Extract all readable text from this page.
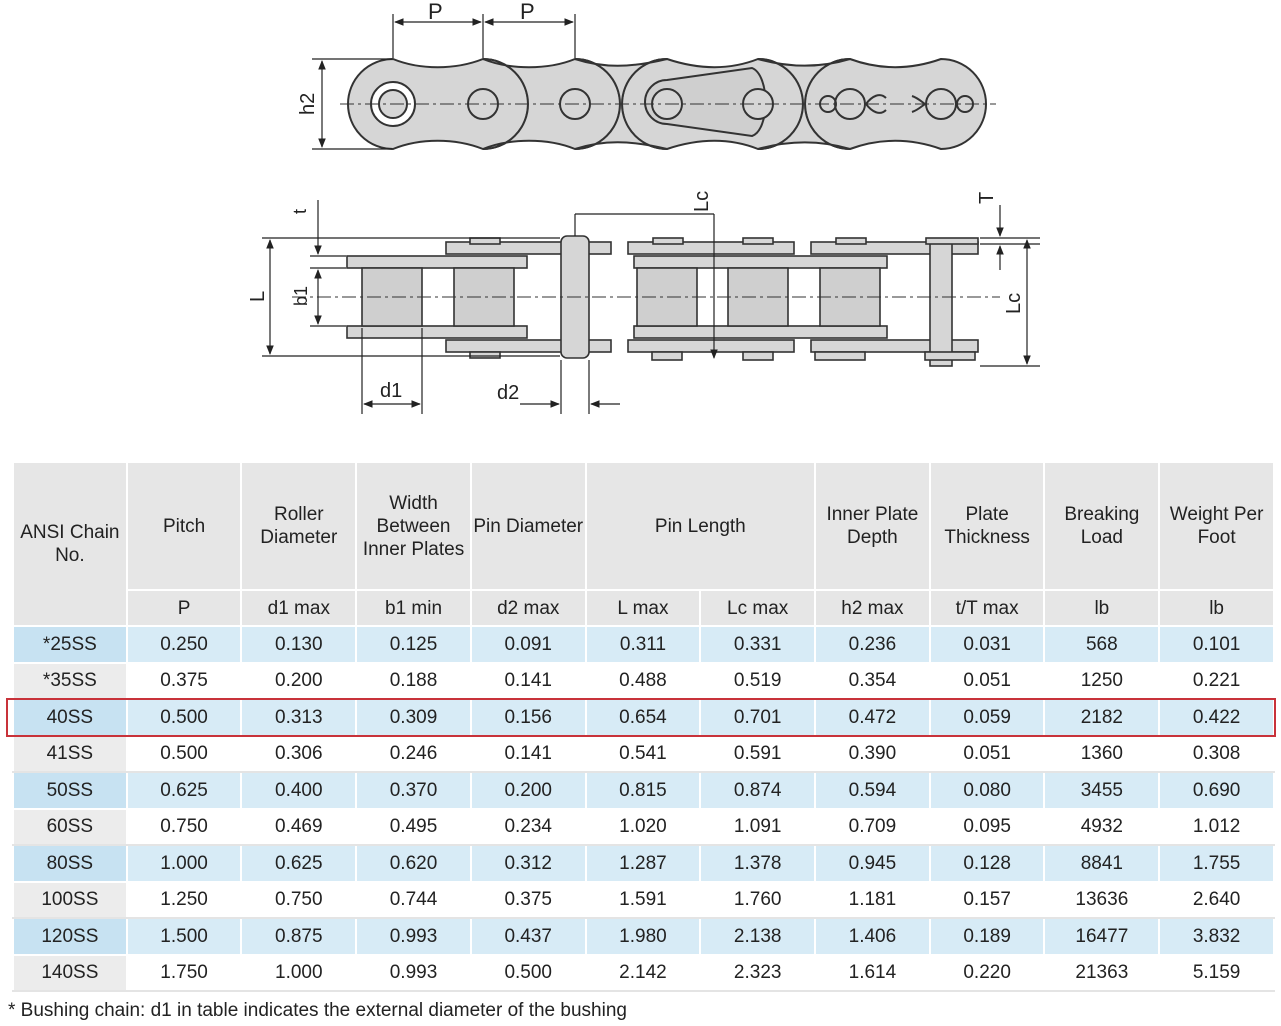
P	P
h2
L
t
b1
d1	d2
Lc
Lc
T
ANSI Chain No.	Pitch	Roller Diameter	Width Between Inner Plates	Pin Diameter	Pin Length		Inner Plate Depth	Plate Thickness	Breaking Load	Weight Per Foot
	P	d1 max	b1 min	d2 max	L max	Lc max	h2 max	t/T max	lb	lb
*25SS	0.250	0.130	0.125	0.091	0.311	0.331	0.236	0.031	568	0.101
*35SS	0.375	0.200	0.188	0.141	0.488	0.519	0.354	0.051	1250	0.221
40SS	0.500	0.313	0.309	0.156	0.654	0.701	0.472	0.059	2182	0.422
41SS	0.500	0.306	0.246	0.141	0.541	0.591	0.390	0.051	1360	0.308
50SS	0.625	0.400	0.370	0.200	0.815	0.874	0.594	0.080	3455	0.690
60SS	0.750	0.469	0.495	0.234	1.020	1.091	0.709	0.095	4932	1.012
80SS	1.000	0.625	0.620	0.312	1.287	1.378	0.945	0.128	8841	1.755
100SS	1.250	0.750	0.744	0.375	1.591	1.760	1.181	0.157	13636	2.640
120SS	1.500	0.875	0.993	0.437	1.980	2.138	1.406	0.189	16477	3.832
140SS	1.750	1.000	0.993	0.500	2.142	2.323	1.614	0.220	21363	5.159
* Bushing chain: d1 in table indicates the external diameter of the bushing
